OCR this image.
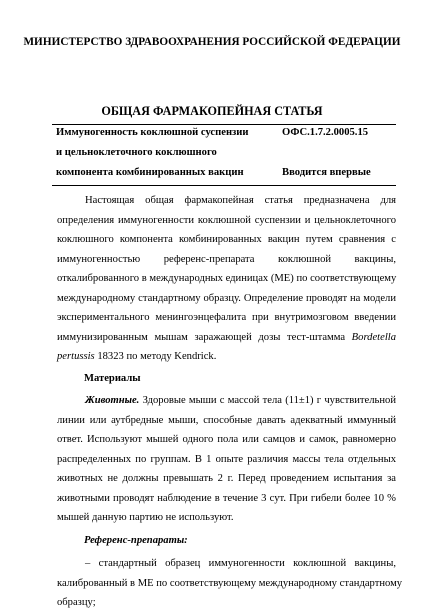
МИНИСТЕРСТВО ЗДРАВООХРАНЕНИЯ РОССИЙСКОЙ ФЕДЕРАЦИИ
ОБЩАЯ ФАРМАКОПЕЙНАЯ СТАТЬЯ
Иммуногенность коклюшной суспензии
и цельноклеточного коклюшного
компонента комбинированных вакцин
ОФС.1.7.2.0005.15
Вводится впервые
Настоящая общая фармакопейная статья предназначена для
определения иммуногенности коклюшной суспензии и цельноклеточного
коклюшного компонента комбинированных вакцин путем сравнения с
иммуногенностью референс-препарата коклюшной вакцины,
откалиброванного в международных единицах (МЕ) по соответствующему
международному стандартному образцу. Определение проводят на модели
экспериментального менингоэнцефалита при внутримозговом введении
иммунизированным мышам заражающей дозы тест-штамма Bordetella
pertussis 18323 по методу Kendrick.
Материалы
Животные. Здоровые мыши с массой тела (11±1) г чувствительной
линии или аутбредные мыши, способные давать адекватный иммунный
ответ. Используют мышей одного пола или самцов и самок, равномерно
распределенных по группам. В 1 опыте различия массы тела отдельных
животных не должны превышать 2 г. Перед проведением испытания за
животными проводят наблюдение в течение 3 сут. При гибели более 10 %
мышей данную партию не используют.
Референс-препараты:
– стандартный образец иммуногенности коклюшной вакцины,
калиброванный в МЕ по соответствующему международному стандартному
образцу;
